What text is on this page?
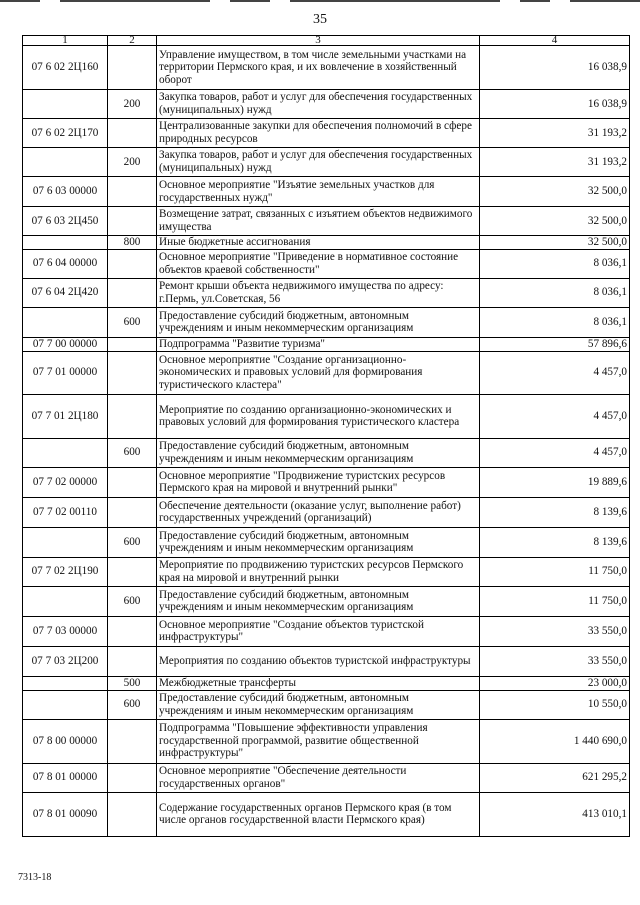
35
1	2	3	4
07 6 02 2Ц160		Управление имуществом, в том числе земельными участками на территории Пермского края, и их вовлечение в хозяйственный оборот	16 038,9
	200	Закупка товаров, работ и услуг для обеспечения государственных (муниципальных) нужд	16 038,9
07 6 02 2Ц170		Централизованные закупки для обеспечения полномочий в сфере природных ресурсов	31 193,2
	200	Закупка товаров, работ и услуг для обеспечения государственных (муниципальных) нужд	31 193,2
07 6 03 00000		Основное мероприятие "Изъятие земельных участков для государственных нужд"	32 500,0
07 6 03 2Ц450		Возмещение затрат, связанных с изъятием объектов недвижимого имущества	32 500,0
	800	Иные бюджетные ассигнования	32 500,0
07 6 04 00000		Основное мероприятие "Приведение в нормативное состояние объектов краевой собственности"	8 036,1
07 6 04 2Ц420		Ремонт крыши объекта недвижимого имущества по адресу: г.Пермь, ул.Советская, 56	8 036,1
	600	Предоставление субсидий бюджетным, автономным учреждениям и иным некоммерческим организациям	8 036,1
07 7 00 00000		Подпрограмма "Развитие туризма"	57 896,6
07 7 01 00000		Основное мероприятие "Создание организационно-экономических и правовых условий для формирования туристического кластера"	4 457,0
07 7 01 2Ц180		Мероприятие по созданию организационно-экономических и правовых условий для формирования туристического кластера	4 457,0
	600	Предоставление субсидий бюджетным, автономным учреждениям и иным некоммерческим организациям	4 457,0
07 7 02 00000		Основное мероприятие "Продвижение туристских ресурсов Пермского края на мировой и внутренний рынки"	19 889,6
07 7 02 00110		Обеспечение деятельности (оказание услуг, выполнение работ) государственных учреждений (организаций)	8 139,6
	600	Предоставление субсидий бюджетным, автономным учреждениям и иным некоммерческим организациям	8 139,6
07 7 02 2Ц190		Мероприятие по продвижению туристских ресурсов Пермского края на мировой и внутренний рынки	11 750,0
	600	Предоставление субсидий бюджетным, автономным учреждениям и иным некоммерческим организациям	11 750,0
07 7 03 00000		Основное мероприятие "Создание объектов туристской инфраструктуры"	33 550,0
07 7 03 2Ц200		Мероприятия по созданию объектов туристской инфраструктуры	33 550,0
	500	Межбюджетные трансферты	23 000,0
	600	Предоставление субсидий бюджетным, автономным учреждениям и иным некоммерческим организациям	10 550,0
07 8 00 00000		Подпрограмма "Повышение эффективности управления государственной программой, развитие общественной инфраструктуры"	1 440 690,0
07 8 01 00000		Основное мероприятие "Обеспечение деятельности государственных органов"	621 295,2
07 8 01 00090		Содержание государственных органов Пермского края (в том числе органов государственной власти Пермского края)	413 010,1
7313-18
